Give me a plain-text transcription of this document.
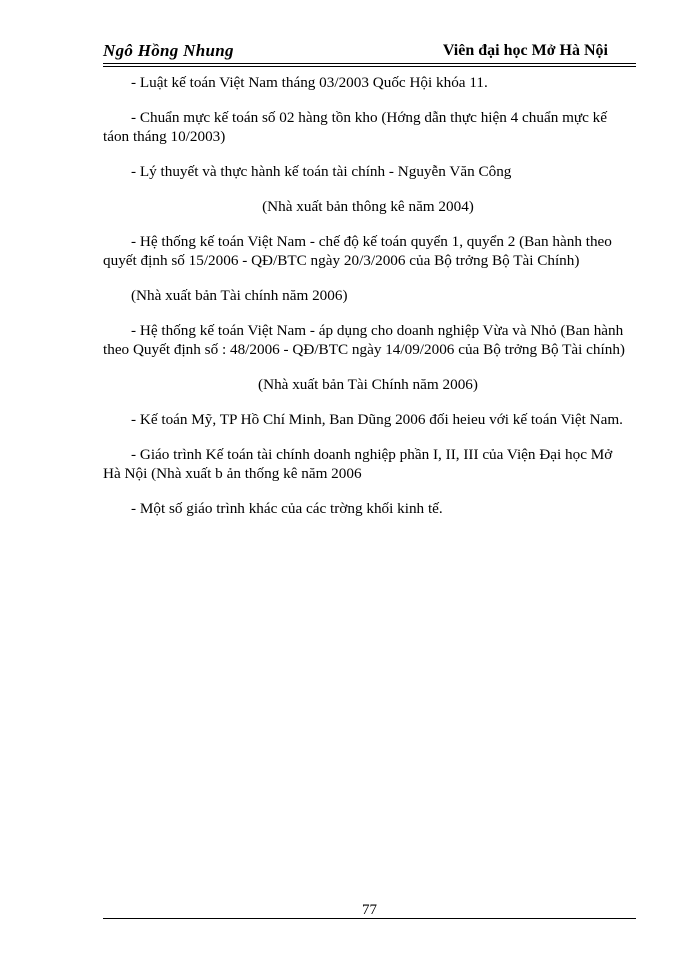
Ngô Hồng Nhung	Viên đại học Mở Hà Nội

- Luật kế toán Việt Nam tháng 03/2003 Quốc Hội khóa 11.

- Chuẩn mực kế toán số 02 hàng tồn kho (Hớng dẫn thực hiện 4 chuẩn mực kế táon tháng 10/2003)

- Lý thuyết và thực hành kế toán tài chính - Nguyễn Văn Công

(Nhà xuất bản thông kê năm 2004)

- Hệ thống kế toán Việt Nam - chế độ kế toán quyển 1, quyển 2 (Ban hành theo quyết định số 15/2006 - QĐ/BTC ngày 20/3/2006 của Bộ trởng Bộ Tài Chính)

(Nhà xuất bản Tài chính năm 2006)

- Hệ thống kế toán Việt Nam - áp dụng cho doanh nghiệp Vừa và Nhỏ (Ban hành theo Quyết định số : 48/2006 - QĐ/BTC ngày 14/09/2006 của Bộ trởng Bộ Tài chính)

(Nhà xuất bản Tài Chính năm 2006)

- Kế toán Mỹ, TP Hồ Chí Minh, Ban Dũng 2006 đối heieu với kế toán Việt Nam.

- Giáo trình Kế toán tài chính doanh nghiệp phần I, II, III của Viện Đại học Mở Hà Nội (Nhà xuất b ản thống kê năm 2006

- Một số giáo trình khác của các trờng khối kinh tế.

77
